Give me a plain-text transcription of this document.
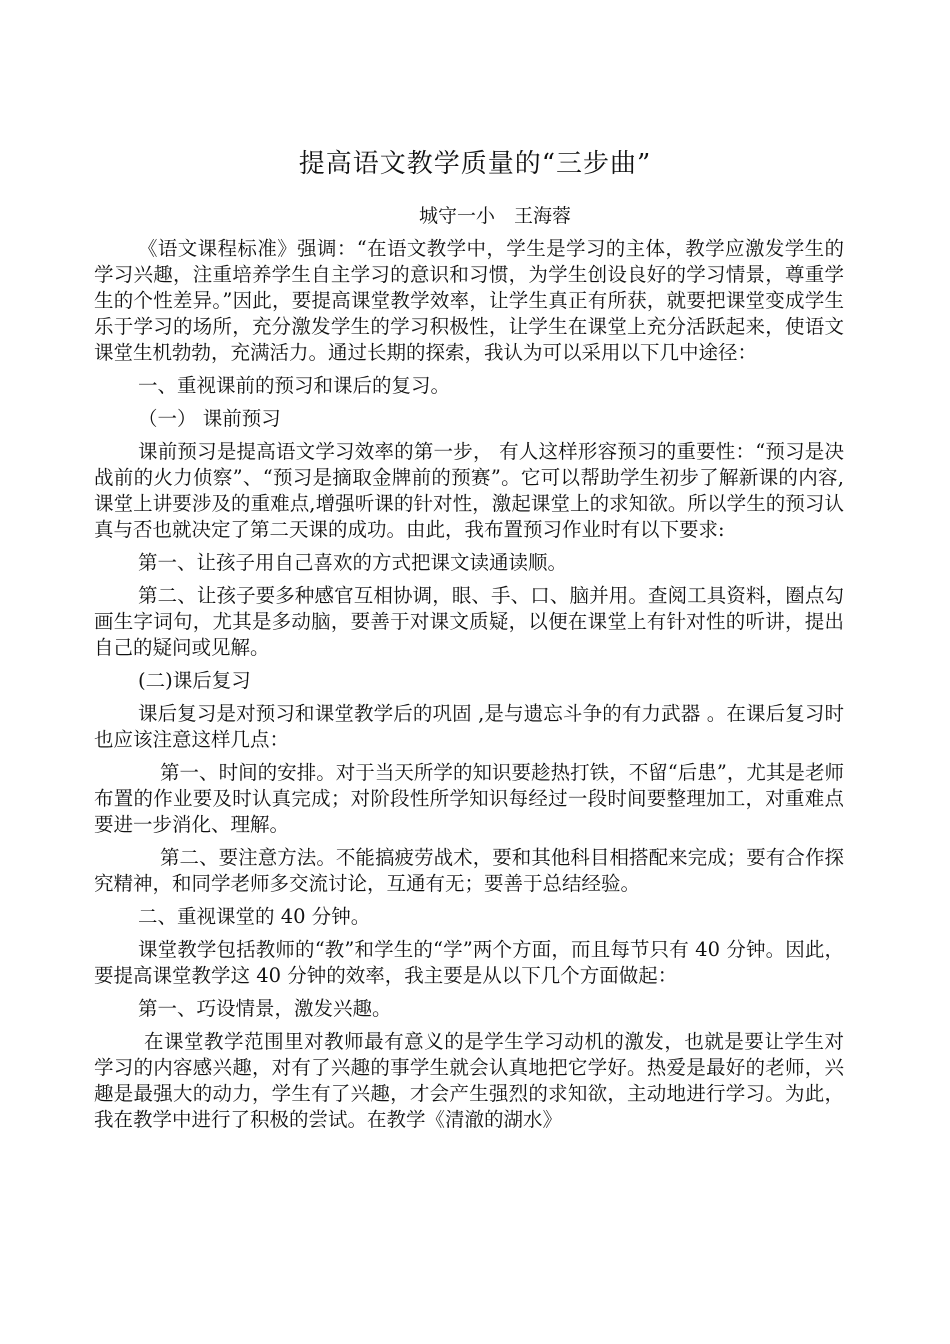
提高语文教学质量的“三步曲”
城守一小　王海蓉

《语文课程标准》强调：“在语文教学中，学生是学习的主体，教学应激发学生的学习兴趣，注重培养学生自主学习的意识和习惯，为学生创设良好的学习情景，尊重学生的个性差异。”因此，要提高课堂教学效率，让学生真正有所获，就要把课堂变成学生乐于学习的场所，充分激发学生的学习积极性，让学生在课堂上充分活跃起来，使语文课堂生机勃勃，充满活力。通过长期的探索，我认为可以采用以下几中途径：

一、重视课前的预习和课后的复习。

（一） 课前预习

课前预习是提高语文学习效率的第一步， 有人这样形容预习的重要性：“预习是决战前的火力侦察”、“预习是摘取金牌前的预赛”。它可以帮助学生初步了解新课的内容,课堂上讲要涉及的重难点,增强听课的针对性，激起课堂上的求知欲。所以学生的预习认真与否也就决定了第二天课的成功。由此，我布置预习作业时有以下要求:

第一、让孩子用自己喜欢的方式把课文读通读顺。

第二、让孩子要多种感官互相协调，眼、手、口、脑并用。查阅工具资料，圈点勾画生字词句，尤其是多动脑，要善于对课文质疑，以便在课堂上有针对性的听讲，提出自己的疑问或见解。

(二)课后复习

课后复习是对预习和课堂教学后的巩固 ,是与遗忘斗争的有力武器 。在课后复习时也应该注意这样几点：

第一、时间的安排。对于当天所学的知识要趁热打铁，不留“后患”，尤其是老师布置的作业要及时认真完成；对阶段性所学知识每经过一段时间要整理加工，对重难点要进一步消化、理解。

第二、要注意方法。不能搞疲劳战术，要和其他科目相搭配来完成；要有合作探究精神，和同学老师多交流讨论，互通有无；要善于总结经验。

二、重视课堂的 40 分钟。

课堂教学包括教师的“教”和学生的“学”两个方面，而且每节只有 40 分钟。因此，要提高课堂教学这 40 分钟的效率，我主要是从以下几个方面做起：

第一、巧设情景，激发兴趣。

在课堂教学范围里对教师最有意义的是学生学习动机的激发，也就是要让学生对学习的内容感兴趣，对有了兴趣的事学生就会认真地把它学好。热爱是最好的老师，兴趣是最强大的动力，学生有了兴趣，才会产生强烈的求知欲，主动地进行学习。为此，我在教学中进行了积极的尝试。在教学《清澈的湖水》
